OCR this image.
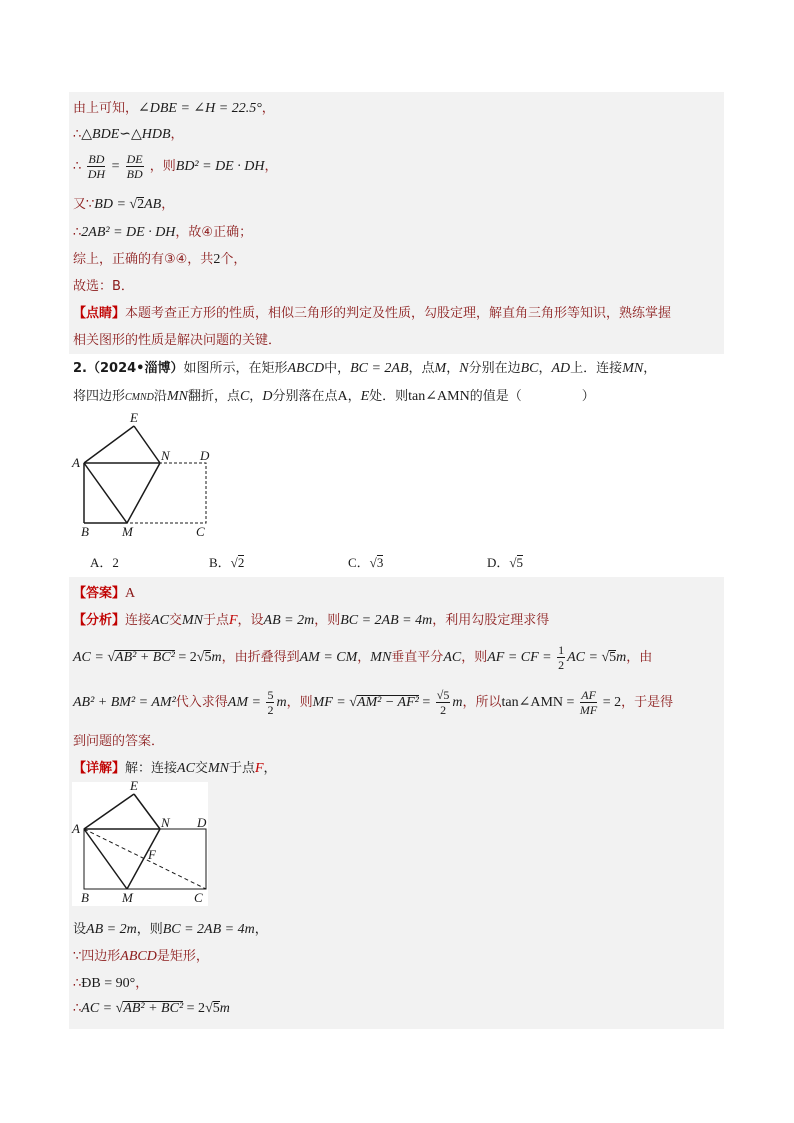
由上可知，∠DBE = ∠H = 22.5°，
∴△BDE∽△HDB，
∴ $\frac{BD}{DH} = \frac{DE}{BD}$ ，则BD² = DE · DH，
又∵BD = √2AB，
∴2AB² = DE · DH，故④正确；
综上，正确的有③④，共2个，
故选：B．
【点睛】本题考查正方形的性质，相似三角形的判定及性质，勾股定理，解直角三角形等知识，熟练掌握
相关图形的性质是解决问题的关键．
2.（2024•淄博）如图所示，在矩形ABCD中，BC = 2AB，点M，N分别在边BC，AD上．连接MN，
将四边形CMND沿MN翻折，点C，D分别落在点A，E处．则tan∠AMN的值是（	）
A
B	C
D
E
N
M
A．2	B．√2	C．√3	D．√5
【答案】A
【分析】连接AC交MN于点F，设AB = 2m，则BC = 2AB = 4m，利用勾股定理求得
AC = √AB² + BC² = 2√5m，由折叠得到AM = CM，MN垂直平分AC，则AF = CF = $\frac{1}{2}$ AC = √5m，由
AB² + BM² = AM²代入求得AM = $\frac{5}{2}$ m，则MF = $√AM^2 - AF^2 = \frac{√5}{2}$ m，所以tan∠AMN = $\frac{AF}{MF} = 2$，于是得
到问题的答案．
【详解】解：连接AC交MN于点F，
A
B	C
D
E
N
M
F
设AB = 2m，则BC = 2AB = 4m，
∵四边形ABCD是矩形，
∴ÐB = 90°，
∴AC = √AB² + BC² = 2√5m
